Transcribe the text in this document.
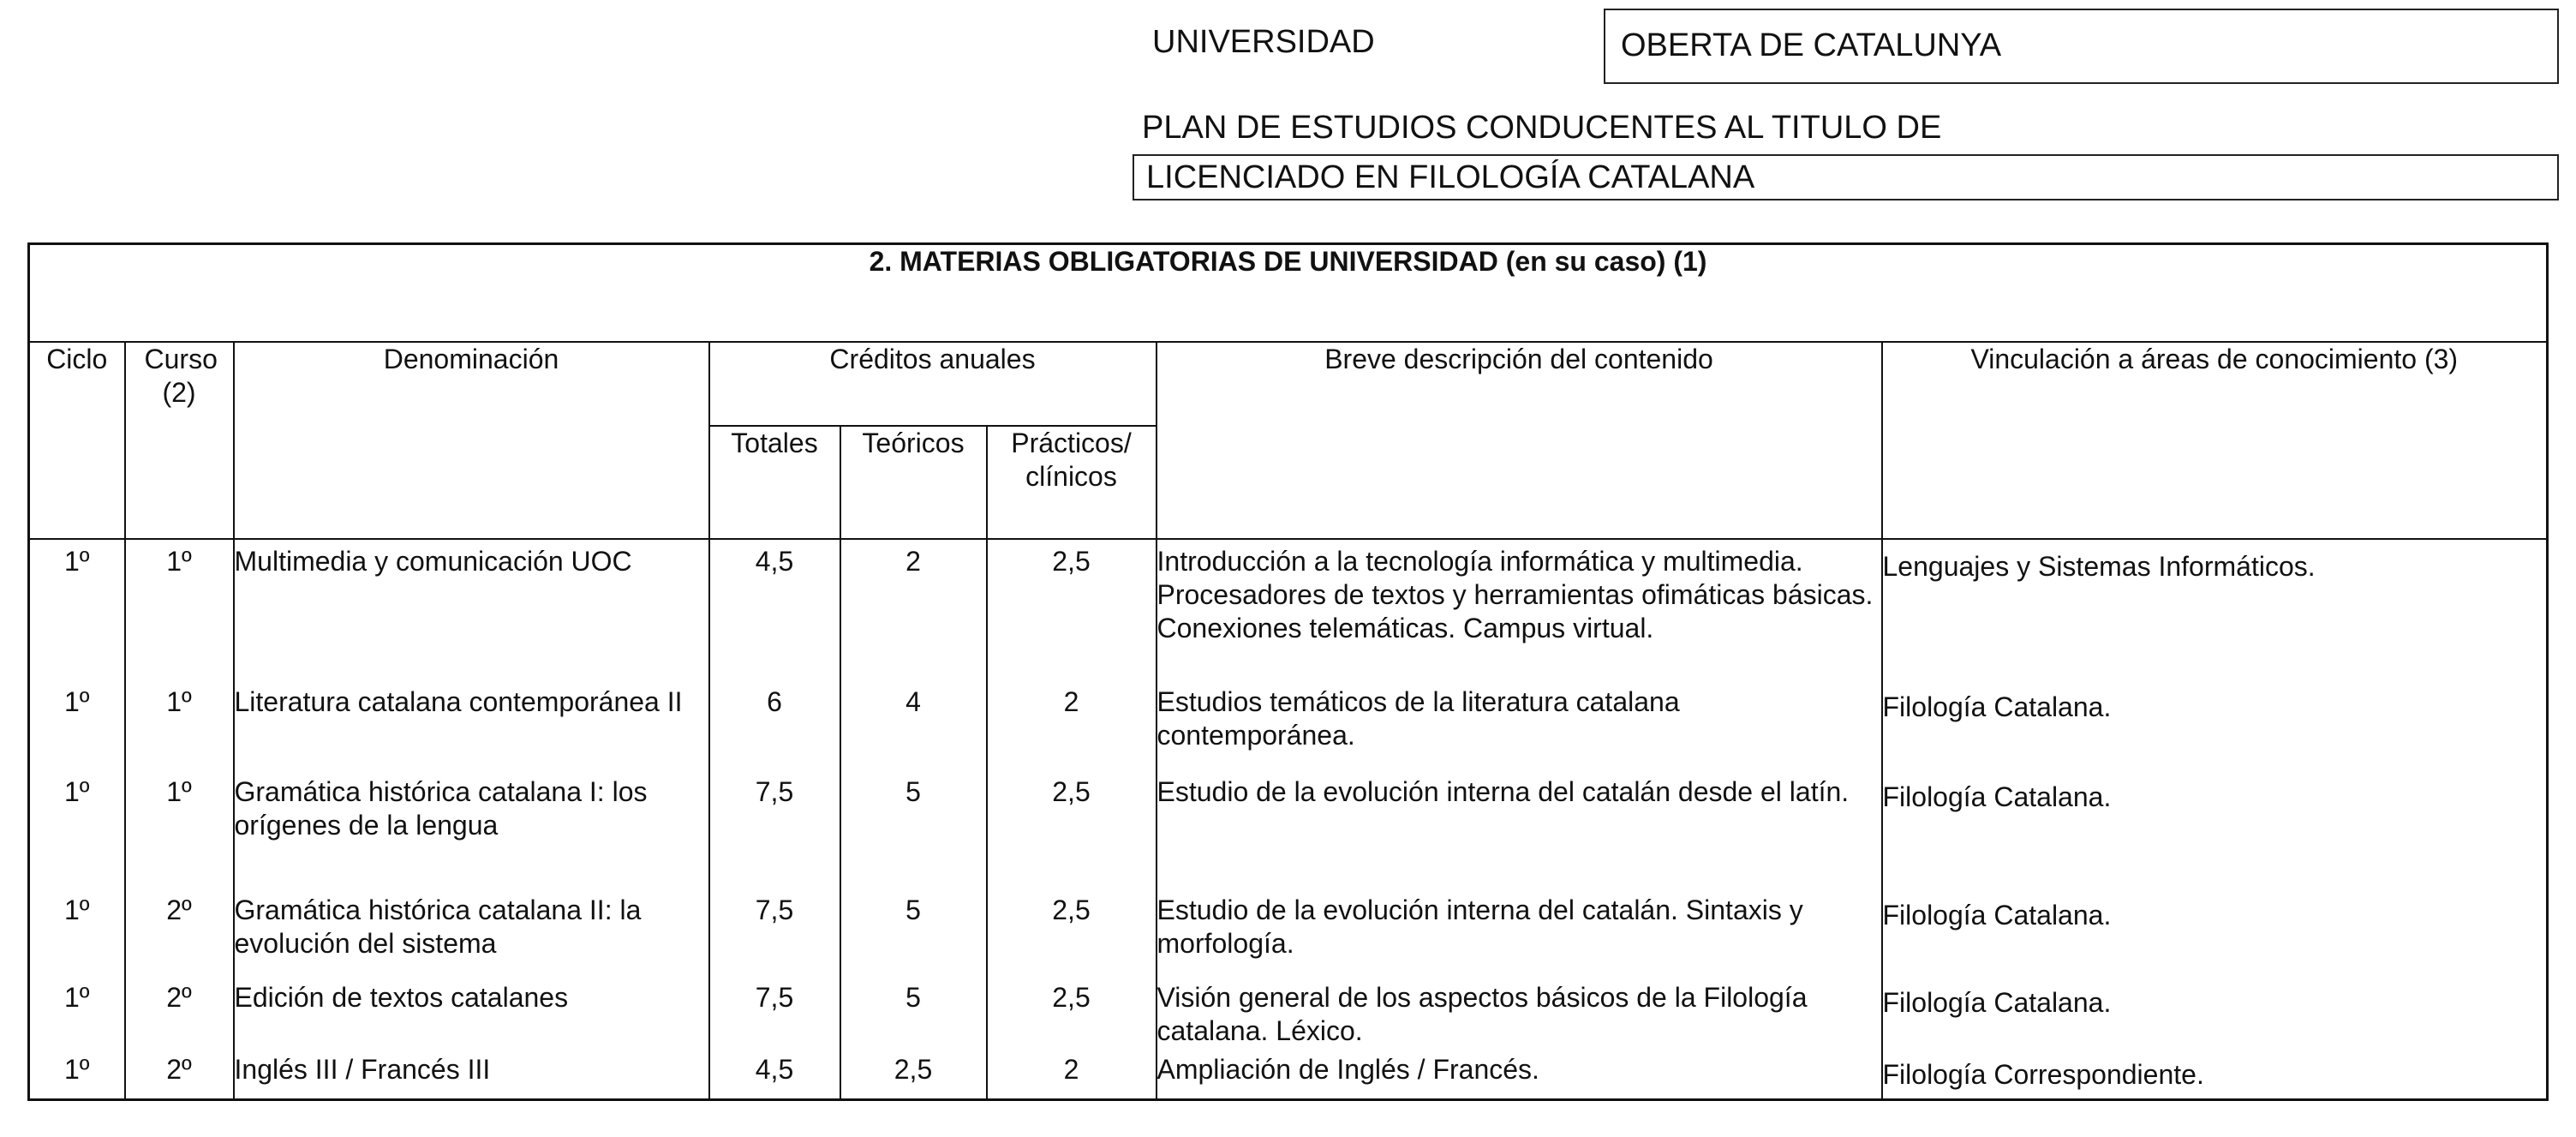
UNIVERSIDAD	OBERTA DE CATALUNYA
PLAN DE ESTUDIOS CONDUCENTES AL TITULO DE
LICENCIADO EN FILOLOGÍA CATALANA
2. MATERIAS OBLIGATORIAS DE UNIVERSIDAD (en su caso) (1)							
Ciclo	Curso (2)	Denominación	Créditos anuales			Breve descripción del contenido	Vinculación a áreas de conocimiento (3)
			Totales	Teóricos	Prácticos/ clínicos		
1º	1º	Multimedia y comunicación UOC	4,5	2	2,5	Introducción a la tecnología informática y multimedia. Procesadores de textos y herramientas ofimáticas básicas. Conexiones telemáticas. Campus virtual.	Lenguajes y Sistemas Informáticos.
1º	1º	Literatura catalana contemporánea II	6	4	2	Estudios temáticos de la literatura catalana contemporánea.	Filología Catalana.
1º	1º	Gramática histórica catalana I: los orígenes de la lengua	7,5	5	2,5	Estudio de la evolución interna del catalán desde el latín.	Filología Catalana.
1º	2º	Gramática histórica catalana II: la evolución del sistema	7,5	5	2,5	Estudio de la evolución interna del catalán. Sintaxis y morfología.	Filología Catalana.
1º	2º	Edición de textos catalanes	7,5	5	2,5	Visión general de los aspectos básicos de la Filología catalana. Léxico.	Filología Catalana.
1º	2º	Inglés III / Francés III	4,5	2,5	2	Ampliación de Inglés / Francés.	Filología Correspondiente.
